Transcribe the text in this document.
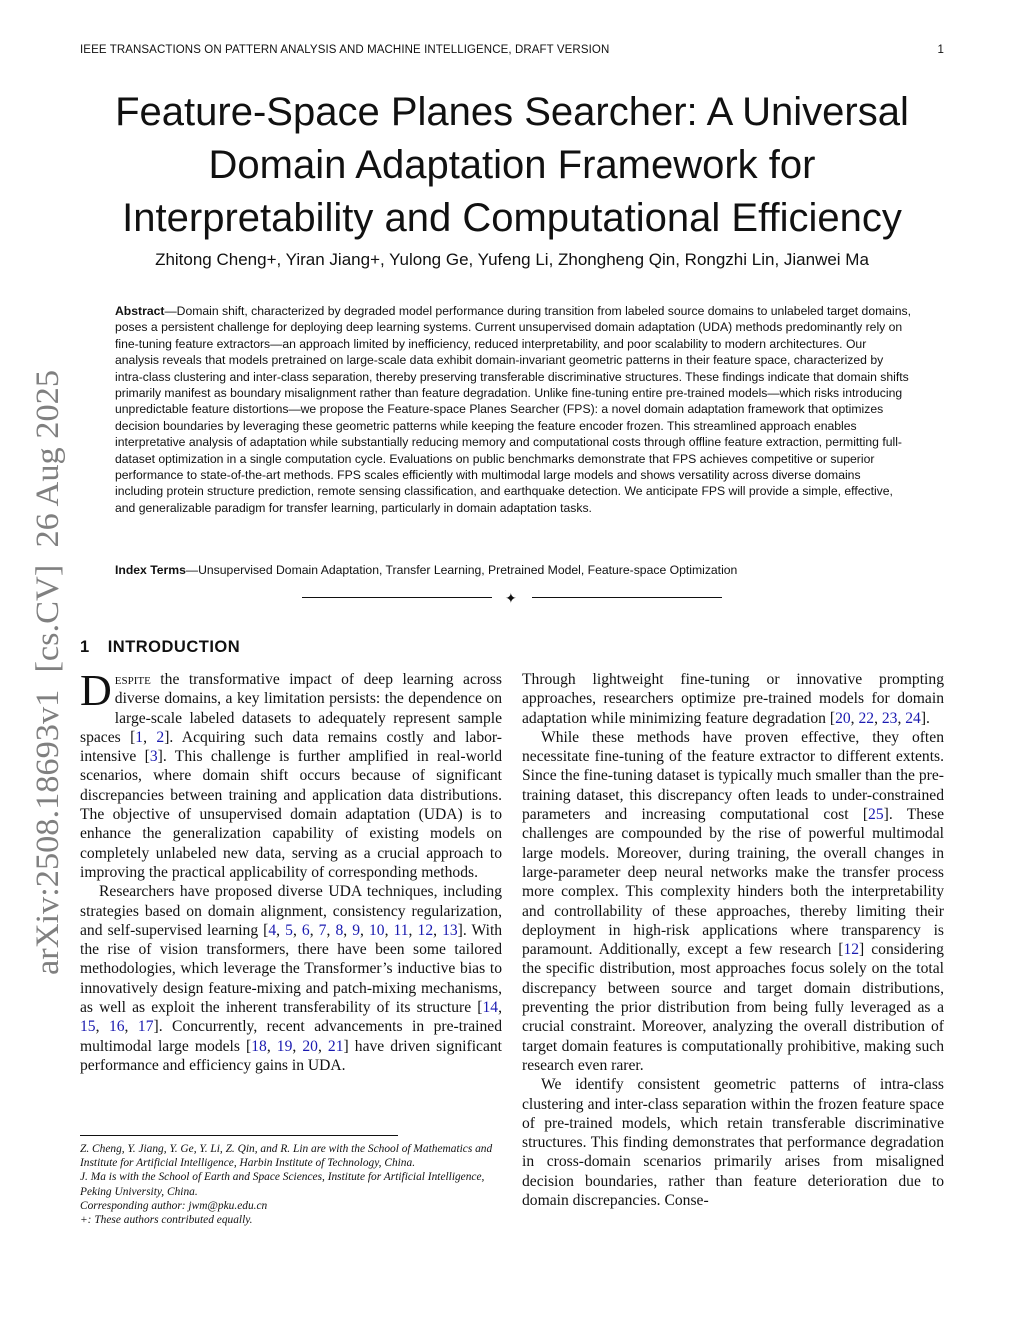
IEEE TRANSACTIONS ON PATTERN ANALYSIS AND MACHINE INTELLIGENCE, DRAFT VERSION	1
arXiv:2508.18693v1  [cs.CV]  26 Aug 2025
Feature-Space Planes Searcher: A Universal Domain Adaptation Framework for Interpretability and Computational Efficiency
Zhitong Cheng+, Yiran Jiang+, Yulong Ge, Yufeng Li, Zhongheng Qin, Rongzhi Lin, Jianwei Ma
Abstract—Domain shift, characterized by degraded model performance during transition from labeled source domains to unlabeled target domains, poses a persistent challenge for deploying deep learning systems. Current unsupervised domain adaptation (UDA) methods predominantly rely on fine-tuning feature extractors—an approach limited by inefficiency, reduced interpretability, and poor scalability to modern architectures. Our analysis reveals that models pretrained on large-scale data exhibit domain-invariant geometric patterns in their feature space, characterized by intra-class clustering and inter-class separation, thereby preserving transferable discriminative structures. These findings indicate that domain shifts primarily manifest as boundary misalignment rather than feature degradation. Unlike fine-tuning entire pre-trained models—which risks introducing unpredictable feature distortions—we propose the Feature-space Planes Searcher (FPS): a novel domain adaptation framework that optimizes decision boundaries by leveraging these geometric patterns while keeping the feature encoder frozen. This streamlined approach enables interpretative analysis of adaptation while substantially reducing memory and computational costs through offline feature extraction, permitting full-dataset optimization in a single computation cycle. Evaluations on public benchmarks demonstrate that FPS achieves competitive or superior performance to state-of-the-art methods. FPS scales efficiently with multimodal large models and shows versatility across diverse domains including protein structure prediction, remote sensing classification, and earthquake detection. We anticipate FPS will provide a simple, effective, and generalizable paradigm for transfer learning, particularly in domain adaptation tasks.
Index Terms—Unsupervised Domain Adaptation, Transfer Learning, Pretrained Model, Feature-space Optimization
✦
1 INTRODUCTION

Despite the transformative impact of deep learning across diverse domains, a key limitation persists: the dependence on large-scale labeled datasets to adequately represent sample spaces [1, 2]. Acquiring such data remains costly and labor-intensive [3]. This challenge is further amplified in real-world scenarios, where domain shift occurs because of significant discrepancies between training and application data distributions. The objective of unsupervised domain adaptation (UDA) is to enhance the generalization capability of existing models on completely unlabeled new data, serving as a crucial approach to improving the practical applicability of corresponding methods.

Researchers have proposed diverse UDA techniques, including strategies based on domain alignment, consistency regularization, and self-supervised learning [4, 5, 6, 7, 8, 9, 10, 11, 12, 13]. With the rise of vision transformers, there have been some tailored methodologies, which leverage the Transformer’s inductive bias to innovatively design feature-mixing and patch-mixing mechanisms, as well as exploit the inherent transferability of its structure [14, 15, 16, 17]. Concurrently, recent advancements in pre-trained multimodal large models [18, 19, 20, 21] have driven significant performance and efficiency gains in UDA.

Z. Cheng, Y. Jiang, Y. Ge, Y. Li, Z. Qin, and R. Lin are with the School of Mathematics and Institute for Artificial Intelligence, Harbin Institute of Technology, China.

J. Ma is with the School of Earth and Space Sciences, Institute for Artificial Intelligence, Peking University, China.

Corresponding author: jwm@pku.edu.cn

+: These authors contributed equally.

Through lightweight fine-tuning or innovative prompting approaches, researchers optimize pre-trained models for domain adaptation while minimizing feature degradation [20, 22, 23, 24].

While these methods have proven effective, they often necessitate fine-tuning of the feature extractor to different extents. Since the fine-tuning dataset is typically much smaller than the pre-training dataset, this discrepancy often leads to under-constrained parameters and increasing computational cost [25]. These challenges are compounded by the rise of powerful multimodal large models. Moreover, during training, the overall changes in large-parameter deep neural networks make the transfer process more complex. This complexity hinders both the interpretability and controllability of these approaches, thereby limiting their deployment in high-risk applications where transparency is paramount. Additionally, except a few research [12] considering the specific distribution, most approaches focus solely on the total discrepancy between source and target domain distributions, preventing the prior distribution from being fully leveraged as a crucial constraint. Moreover, analyzing the overall distribution of target domain features is computationally prohibitive, making such research even rarer.

We identify consistent geometric patterns of intra-class clustering and inter-class separation within the frozen feature space of pre-trained models, which retain transferable discriminative structures. This finding demonstrates that performance degradation in cross-domain scenarios primarily arises from misaligned decision boundaries, rather than feature deterioration due to domain discrepancies. Conse-
